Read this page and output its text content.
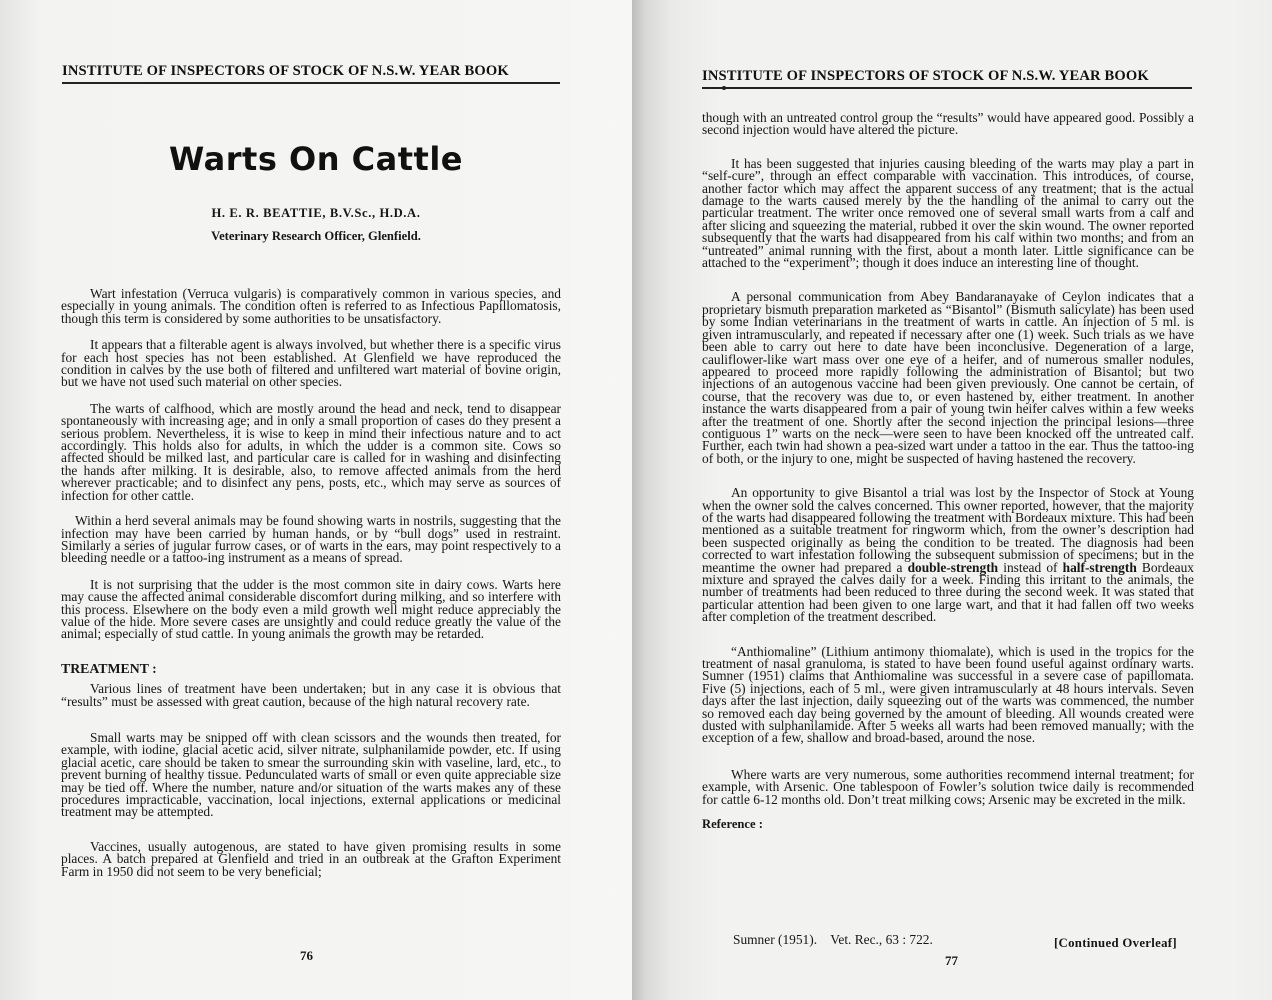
INSTITUTE OF INSPECTORS OF STOCK OF N.S.W. YEAR BOOK
Warts On Cattle
H. E. R. BEATTIE, B.V.Sc., H.D.A.
Veterinary Research Officer, Glenfield.

Wart infestation (Verruca vulgaris) is comparatively common in various species, and especially in young animals. The condition often is referred to as Infectious Papillomatosis, though this term is considered by some authorities to be unsatisfactory.

It appears that a filterable agent is always involved, but whether there is a specific virus for each host species has not been established. At Glenfield we have reproduced the condition in calves by the use both of filtered and unfiltered wart material of bovine origin, but we have not used such material on other species.

The warts of calfhood, which are mostly around the head and neck, tend to disappear spontaneously with increasing age; and in only a small proportion of cases do they present a serious problem. Nevertheless, it is wise to keep in mind their infectious nature and to act accordingly. This holds also for adults, in which the udder is a common site. Cows so affected should be milked last, and particular care is called for in washing and disinfecting the hands after milking. It is desirable, also, to remove affected animals from the herd wherever practicable; and to disinfect any pens, posts, etc., which may serve as sources of infection for other cattle.

Within a herd several animals may be found showing warts in nostrils, suggesting that the infection may have been carried by human hands, or by “bull dogs” used in restraint. Similarly a series of jugular furrow cases, or of warts in the ears, may point respectively to a bleeding needle or a tattoo-ing instrument as a means of spread.

It is not surprising that the udder is the most common site in dairy cows. Warts here may cause the affected animal considerable discomfort during milking, and so interfere with this process. Elsewhere on the body even a mild growth well might reduce appreciably the value of the hide. More severe cases are unsightly and could reduce greatly the value of the animal; especially of stud cattle. In young animals the growth may be retarded.

TREATMENT :

Various lines of treatment have been undertaken; but in any case it is obvious that “results” must be assessed with great caution, because of the high natural recovery rate.

Small warts may be snipped off with clean scissors and the wounds then treated, for example, with iodine, glacial acetic acid, silver nitrate, sulphanilamide powder, etc. If using glacial acetic, care should be taken to smear the surrounding skin with vaseline, lard, etc., to prevent burning of healthy tissue. Pedunculated warts of small or even quite appreciable size may be tied off. Where the number, nature and/or situation of the warts makes any of these procedures impracticable, vaccination, local injections, external applications or medicinal treatment may be attempted.

Vaccines, usually autogenous, are stated to have given promising results in some places. A batch prepared at Glenfield and tried in an outbreak at the Grafton Experiment Farm in 1950 did not seem to be very beneficial;

76

INSTITUTE OF INSPECTORS OF STOCK OF N.S.W. YEAR BOOK

though with an untreated control group the “results” would have appeared good. Possibly a second injection would have altered the picture.

It has been suggested that injuries causing bleeding of the warts may play a part in “self-cure”, through an effect comparable with vaccination. This introduces, of course, another factor which may affect the apparent success of any treatment; that is the actual damage to the warts caused merely by the the handling of the animal to carry out the particular treatment. The writer once removed one of several small warts from a calf and after slicing and squeezing the material, rubbed it over the skin wound. The owner reported subsequently that the warts had disappeared from his calf within two months; and from an “untreated” animal running with the first, about a month later. Little significance can be attached to the “experiment”; though it does induce an interesting line of thought.

A personal communication from Abey Bandaranayake of Ceylon indicates that a proprietary bismuth preparation marketed as “Bisantol” (Bismuth salicylate) has been used by some Indian veterinarians in the treatment of warts in cattle. An injection of 5 ml. is given intramuscularly, and repeated if necessary after one (1) week. Such trials as we have been able to carry out here to date have been inconclusive. Degeneration of a large, cauliflower-like wart mass over one eye of a heifer, and of numerous smaller nodules, appeared to proceed more rapidly following the administration of Bisantol; but two injections of an autogenous vaccine had been given previously. One cannot be certain, of course, that the recovery was due to, or even hastened by, either treatment. In another instance the warts disappeared from a pair of young twin heifer calves within a few weeks after the treatment of one. Shortly after the second injection the principal lesions—three contiguous 1” warts on the neck—were seen to have been knocked off the untreated calf. Further, each twin had shown a pea-sized wart under a tattoo in the ear. Thus the tattoo-ing of both, or the injury to one, might be suspected of having hastened the recovery.

An opportunity to give Bisantol a trial was lost by the Inspector of Stock at Young when the owner sold the calves concerned. This owner reported, however, that the majority of the warts had disappeared following the treatment with Bordeaux mixture. This had been mentioned as a suitable treatment for ringworm which, from the owner’s description had been suspected originally as being the condition to be treated. The diagnosis had been corrected to wart infestation following the subsequent submission of specimens; but in the meantime the owner had prepared a double-strength instead of half-strength Bordeaux mixture and sprayed the calves daily for a week. Finding this irritant to the animals, the number of treatments had been reduced to three during the second week. It was stated that particular attention had been given to one large wart, and that it had fallen off two weeks after completion of the treatment described.

“Anthiomaline” (Lithium antimony thiomalate), which is used in the tropics for the treatment of nasal granuloma, is stated to have been found useful against ordinary warts. Sumner (1951) claims that Anthiomaline was successful in a severe case of papillomata. Five (5) injections, each of 5 ml., were given intramuscularly at 48 hours intervals. Seven days after the last injection, daily squeezing out of the warts was commenced, the number so removed each day being governed by the amount of bleeding. All wounds created were dusted with sulphanilamide. After 5 weeks all warts had been removed manually; with the exception of a few, shallow and broad-based, around the nose.

Where warts are very numerous, some authorities recommend internal treatment; for example, with Arsenic. One tablespoon of Fowler’s solution twice daily is recommended for cattle 6-12 months old. Don’t treat milking cows; Arsenic may be excreted in the milk.

Reference :

Sumner (1951).    Vet. Rec., 63 : 722.	[Continued Overleaf]
77
